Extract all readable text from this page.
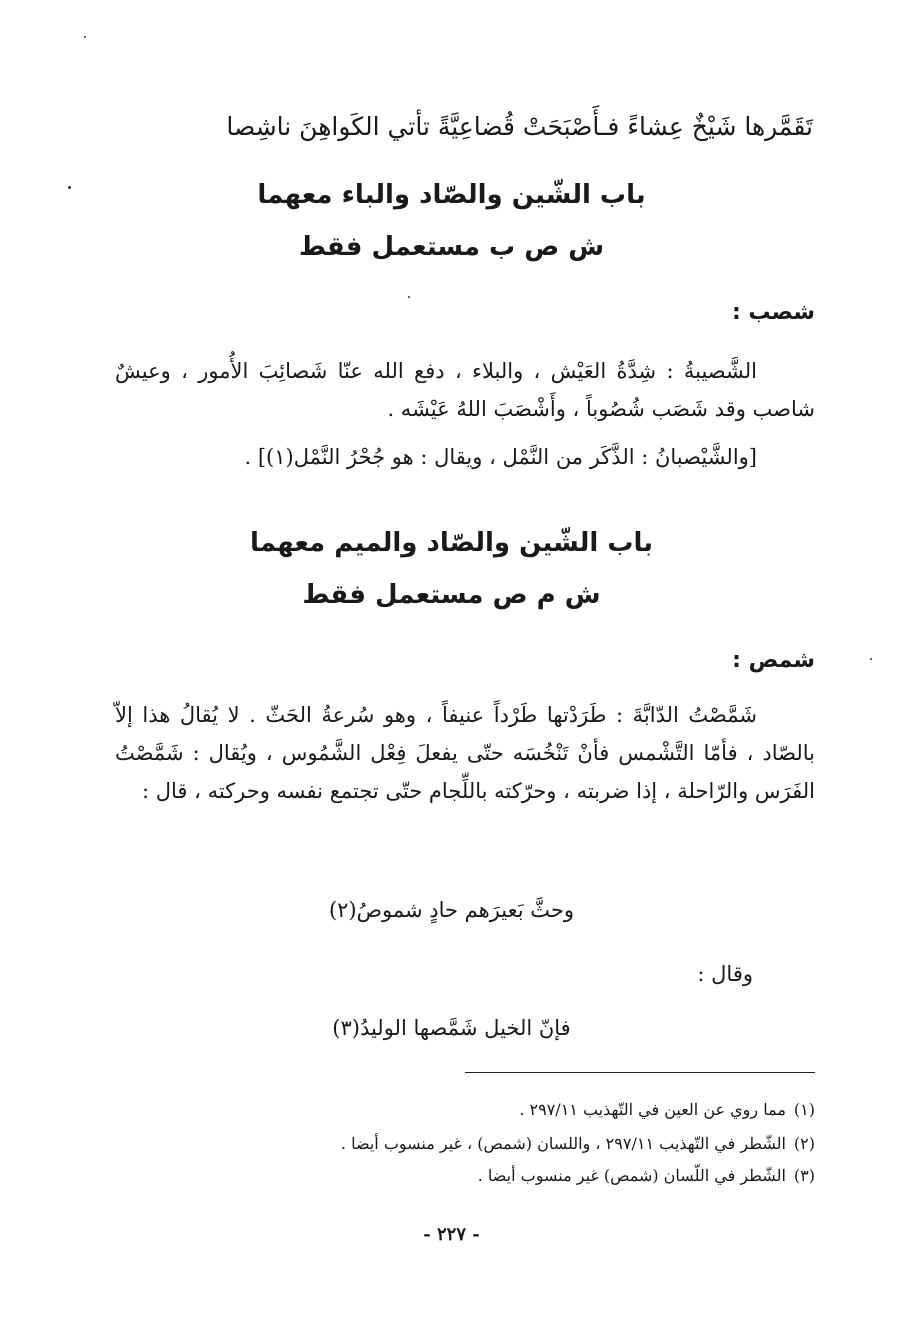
تَقَمَّرها شَيْخٌ عِشاءً فـأَصْبَحَتْ قُضاعِيَّةً تأتي الكَواهِنَ ناشِصا
باب الشّين والصّاد والباء معهما
ش ص ب مستعمل فقط
شصب :

الشَّصيبةُ : شِدَّةُ العَيْش ، والبلاء ، دفع الله عنّا شَصائِبَ الأُمور ، وعيشٌ شاصب وقد شَصَب شُصُوباً ، وأَشْصَبَ اللهُ عَيْشَه .

[والشَّيْصبانُ : الذَّكَر من النَّمْل ، ويقال : هو جُحْرُ النَّمْل(١)] .

باب الشّين والصّاد والميم معهما
ش م ص مستعمل فقط
شمص :

شَمَّصْتُ الدّابَّةَ : طَرَدْتها طَرْداً عنيفاً ، وهو سُرعةُ الحَثّ . لا يُقالُ هذا إلاّ بالصّاد ، فأمّا التَّشْمس فأنْ تَنْخُسَه حتّى يفعلَ فِعْل الشَّمُوس ، ويُقال : شَمَّصْتُ الفَرَس والرّاحلة ، إذا ضربته ، وحرّكته باللِّجام حتّى تجتمع نفسه وحركته ، قال :

وحثَّ بَعيرَهم حادٍ شموصُ(٢)
وقال :
فإنّ الخيل شَمَّصها الوليدُ(٣)
(١)مما روي عن العين في التّهذيب ٢٩٧/١١ .
(٢)الشّطر في التّهذيب ٢٩٧/١١ ، واللسان (شمص) ، غير منسوب أيضا .
(٣)الشّطر في اللّسان (شمص) غير منسوب أيضا .
- ٢٢٧ -
